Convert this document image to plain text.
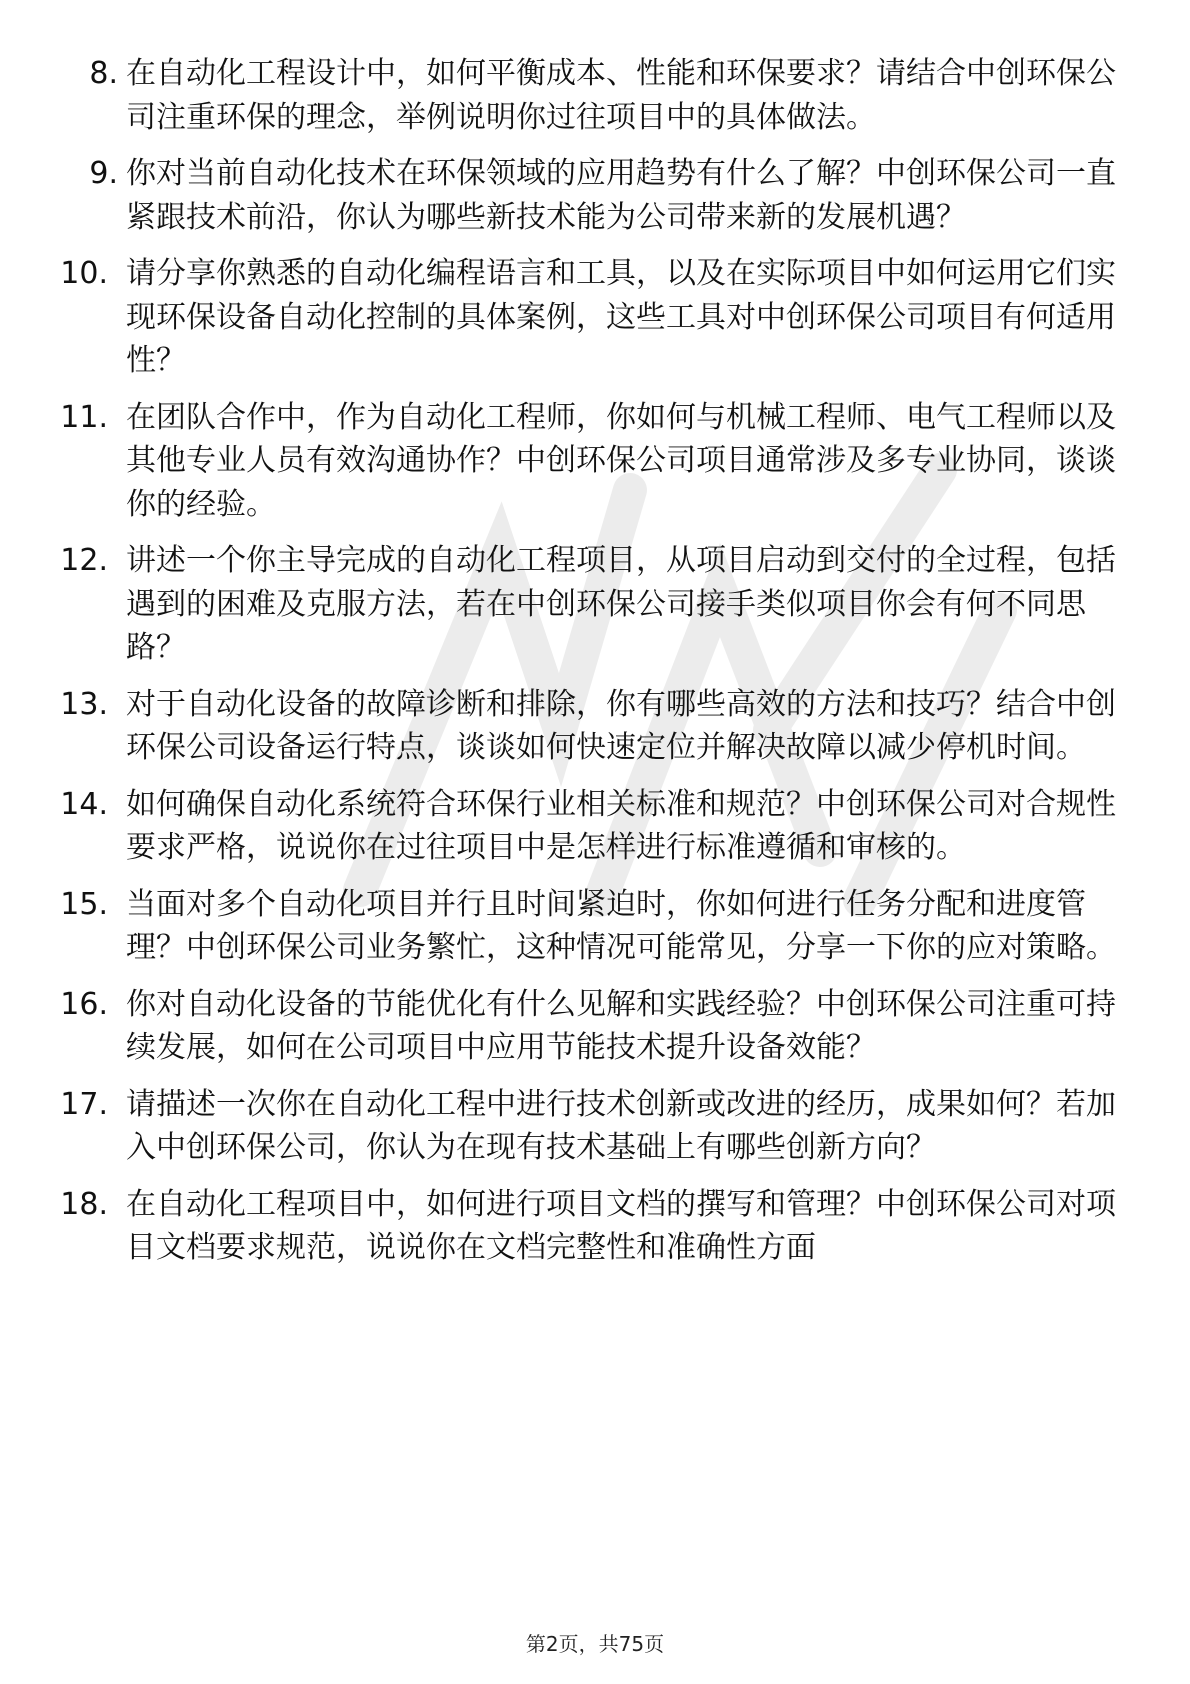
8. 在自动化工程设计中，如何平衡成本、性能和环保要求？请结合中创环保公司注重环保的理念，举例说明你过往项目中的具体做法。
9. 你对当前自动化技术在环保领域的应用趋势有什么了解？中创环保公司一直紧跟技术前沿，你认为哪些新技术能为公司带来新的发展机遇？
10. 请分享你熟悉的自动化编程语言和工具，以及在实际项目中如何运用它们实现环保设备自动化控制的具体案例，这些工具对中创环保公司项目有何适用性？
11. 在团队合作中，作为自动化工程师，你如何与机械工程师、电气工程师以及其他专业人员有效沟通协作？中创环保公司项目通常涉及多专业协同，谈谈你的经验。
12. 讲述一个你主导完成的自动化工程项目，从项目启动到交付的全过程，包括遇到的困难及克服方法，若在中创环保公司接手类似项目你会有何不同思路？
13. 对于自动化设备的故障诊断和排除，你有哪些高效的方法和技巧？结合中创环保公司设备运行特点，谈谈如何快速定位并解决故障以减少停机时间。
14. 如何确保自动化系统符合环保行业相关标准和规范？中创环保公司对合规性要求严格，说说你在过往项目中是怎样进行标准遵循和审核的。
15. 当面对多个自动化项目并行且时间紧迫时，你如何进行任务分配和进度管理？中创环保公司业务繁忙，这种情况可能常见，分享一下你的应对策略。
16. 你对自动化设备的节能优化有什么见解和实践经验？中创环保公司注重可持续发展，如何在公司项目中应用节能技术提升设备效能？
17. 请描述一次你在自动化工程中进行技术创新或改进的经历，成果如何？若加入中创环保公司，你认为在现有技术基础上有哪些创新方向？
18. 在自动化工程项目中，如何进行项目文档的撰写和管理？中创环保公司对项目文档要求规范，说说你在文档完整性和准确性方面
第2页，共75页
